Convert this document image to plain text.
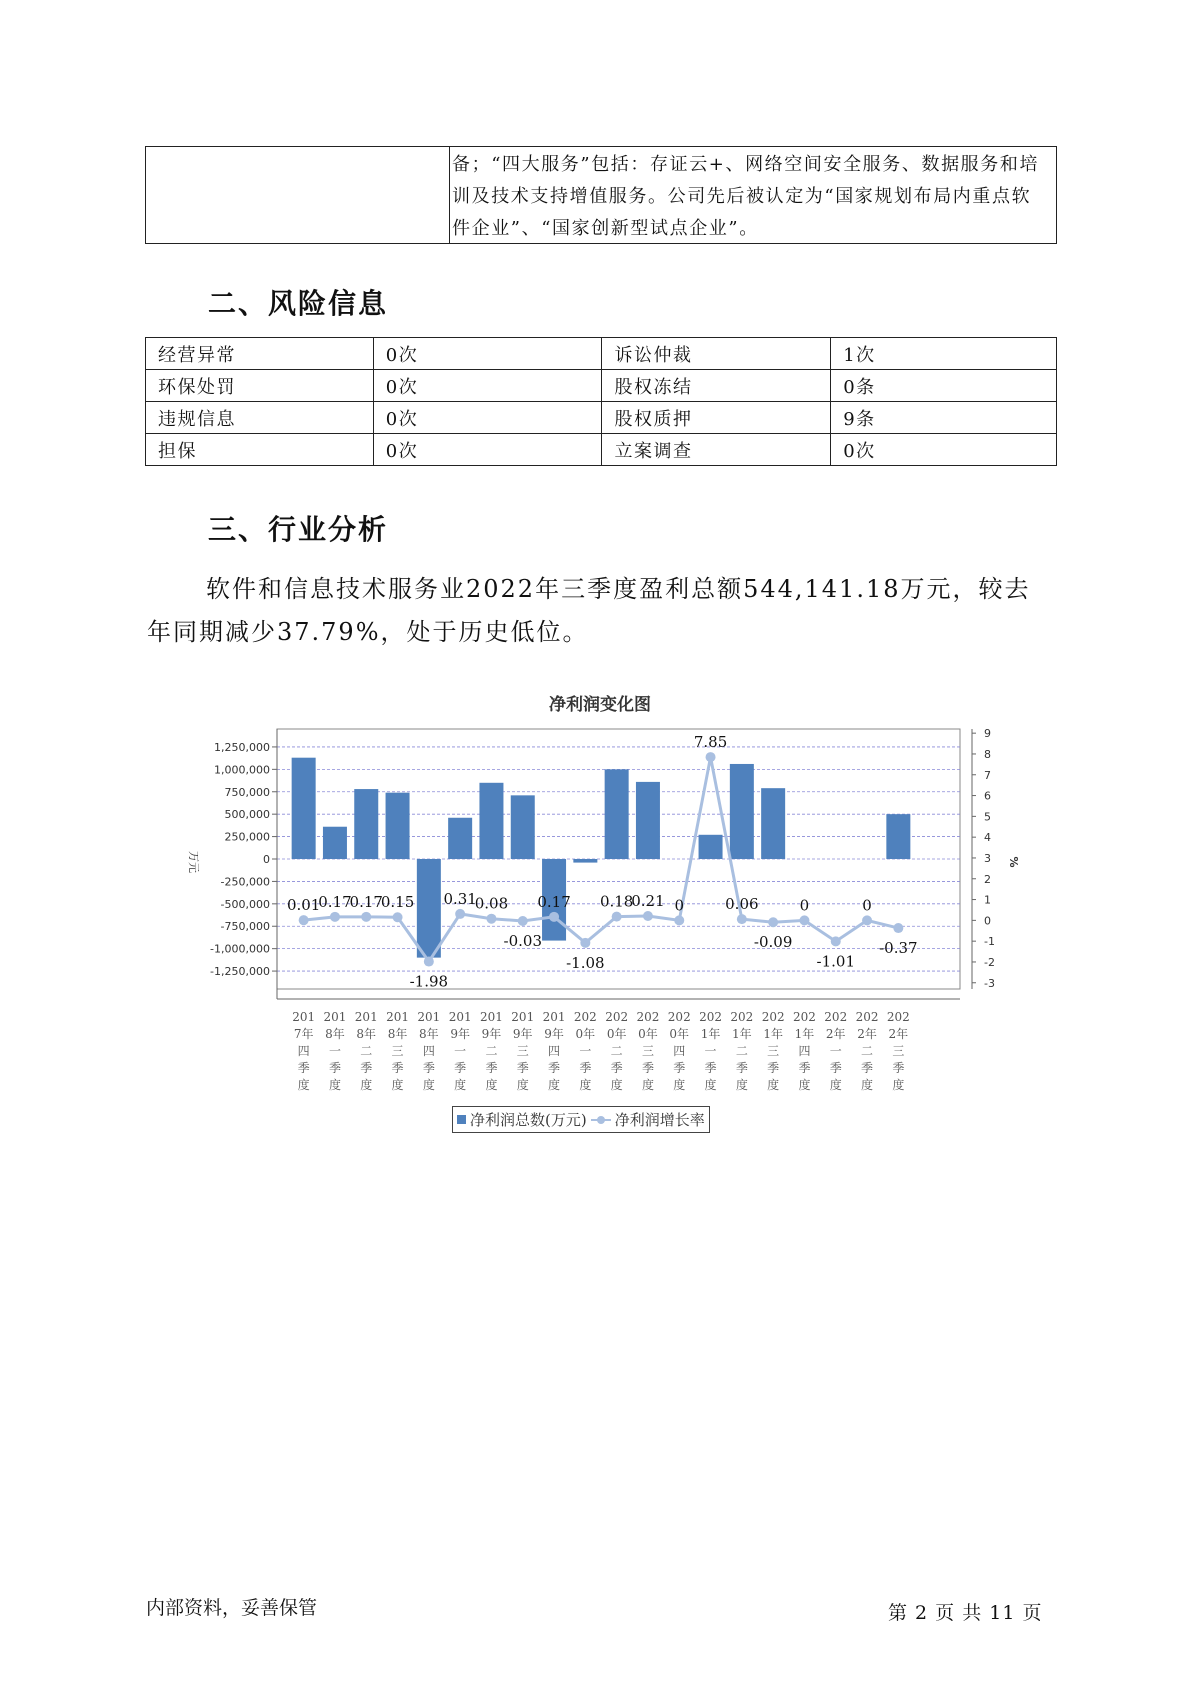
备；“四大服务”包括：存证云+、网络空间安全服务、数据服务和培
训及技术支持增值服务。公司先后被认定为“国家规划布局内重点软
件企业”、“国家创新型试点企业”。
二、风险信息
经营异常	0次	诉讼仲裁	1次
环保处罚	0次	股权冻结	0条
违规信息	0次	股权质押	9条
担保	0次	立案调查	0次
三、行业分析
软件和信息技术服务业2022年三季度盈利总额544,141.18万元，较去
年同期减少37.79%，处于历史低位。
净利润变化图
1,250,000
1,000,000
750,000
500,000
250,000
0
-250,000
-500,000
-750,000
-1,000,000
-1,250,000
9
8
7
6
5
4
3
2
1
0
-1
-2
-3
万元	%
0.01
0.17
0.17
0.15
-1.98
0.31
0.08
-0.03
0.17
-1.08
0.18
0.21 0
7.85
0.06
-0.09
0
-1.01
0
-0.37
201
7年
四
季
度
201
8年
一
季
度
201
8年
二
季
度
201
8年
三
季
度
201
8年
四
季
度
201
9年
一
季
度
201
9年
二
季
度
201
9年
三
季
度
201
9年
四
季
度
202
0年
一
季
度
202
0年
二
季
度
202
0年
三
季
度
202
0年
四
季
度
202
1年
一
季
度
202
1年
二
季
度
202
1年
三
季
度
202
1年
四
季
度
202
2年
一
季
度
202
2年
二
季
度
202
2年
三
季
度
净利润总数(万元) 净利润增长率
内部资料，妥善保管	第 2 页 共 11 页
